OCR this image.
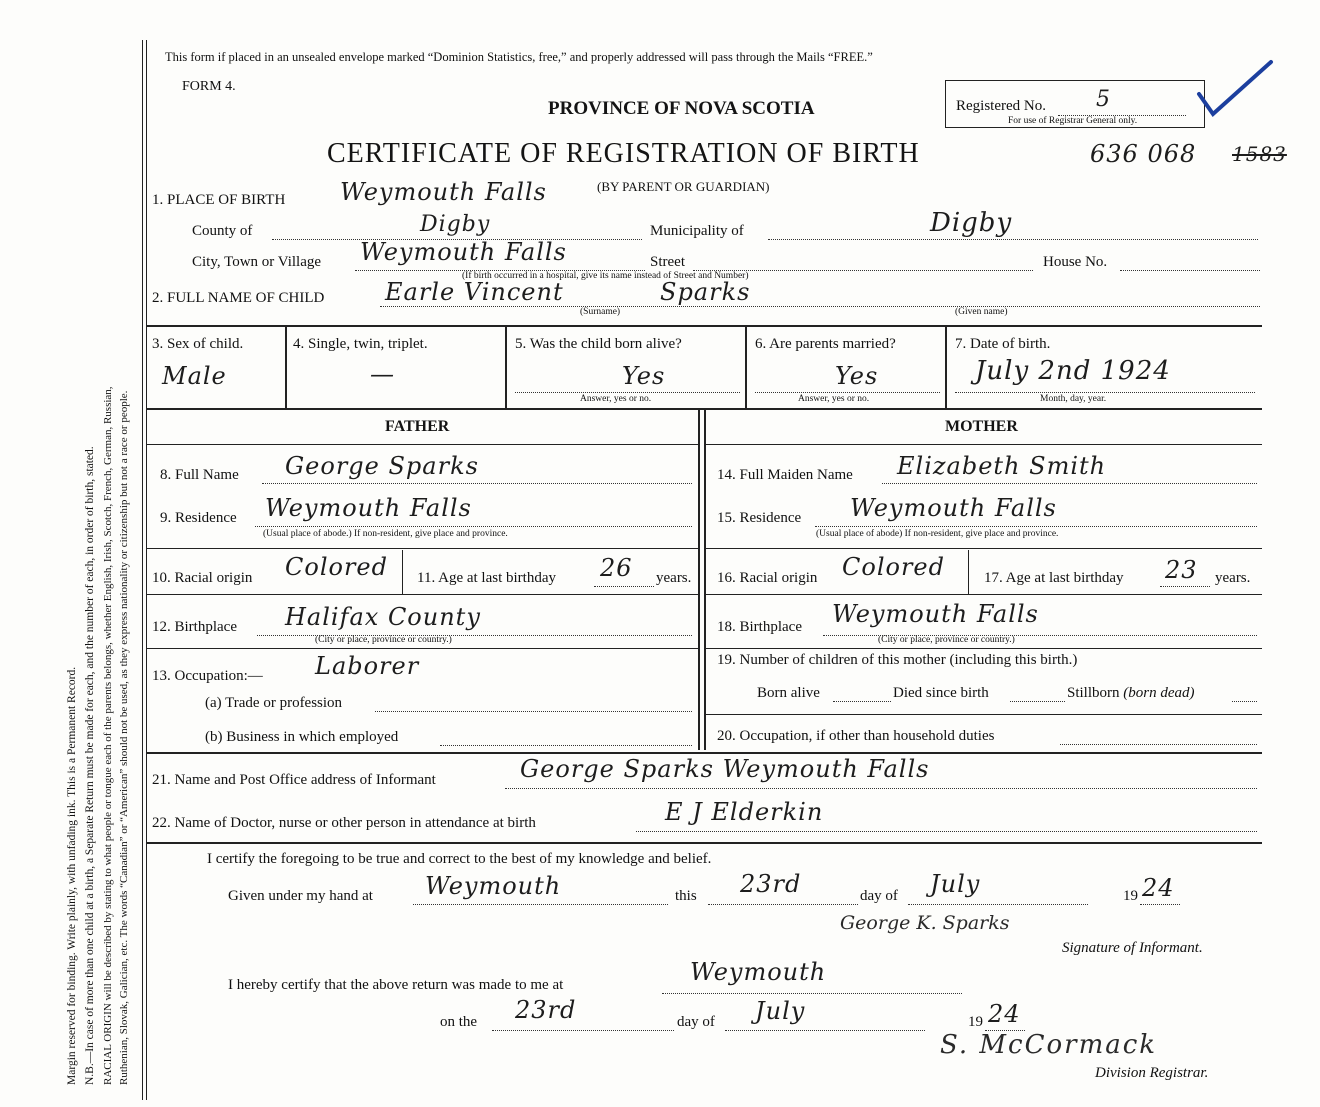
Margin reserved for binding. Write plainly, with unfading ink. This is a Permanent Record. N.B.—In case of more than one child at a birth, a Separate Return must be made for each, and the number of each, in order of birth, stated. RACIAL ORIGIN will be described by stating to what people or tongue each of the parents belongs, whether English, Irish, Scotch, French, German, Russian, Ruthenian, Slovak, Galician, etc. The words “Canadian” or “American” should not be used, as they express nationality or citizenship but not a race or people.
This form if placed in an unsealed envelope marked “Dominion Statistics, free,” and properly addressed will pass through the Mails “FREE.”
FORM 4.
PROVINCE OF NOVA SCOTIA	Registered No. 5
For use of Registrar General only.
CERTIFICATE OF REGISTRATION OF BIRTH	636 068 1583
1. PLACE OF BIRTH Weymouth Falls	(BY PARENT OR GUARDIAN)
County of	Digby	Municipality of	Digby
City, Town or Village Weymouth Falls	Street	House No.
(If birth occurred in a hospital, give its name instead of Street and Number)
2. FULL NAME OF CHILD	Earle Vincent	Sparks
(Surname)	(Given name)
3. Sex of child.
Male
4. Single, twin, triplet.
—
5. Was the child born alive?
Yes
Answer, yes or no.
6. Are parents married?
Yes
Answer, yes or no.
7. Date of birth.
July 2nd 1924
Month, day, year.
FATHER	MOTHER
8. Full Name George Sparks
9. Residence Weymouth Falls
(Usual place of abode.) If non-resident, give place and province.
10. Racial origin Colored 11. Age at last birthday 26 years.
12. Birthplace Halifax County
(City or place, province or country.)
13. Occupation:— Laborer
(a) Trade or profession
(b) Business in which employed
14. Full Maiden Name Elizabeth Smith
15. Residence Weymouth Falls
(Usual place of abode) If non-resident, give place and province.
16. Racial origin Colored	17. Age at last birthday 23 years.
18. Birthplace Weymouth Falls
(City or place, province or country.)
19. Number of children of this mother (including this birth.)
Born alive	Died since birth	Stillborn (born dead)
20. Occupation, if other than household duties
21. Name and Post Office address of Informant	George Sparks Weymouth Falls
22. Name of Doctor, nurse or other person in attendance at birth	E J Elderkin
I certify the foregoing to be true and correct to the best of my knowledge and belief.
Given under my hand at Weymouth	this 23rd	day of July	19 24
George K. Sparks
Signature of Informant.
I hereby certify that the above return was made to me at	Weymouth
on the 23rd	day of July	19 24
S. McCormack
Division Registrar.
